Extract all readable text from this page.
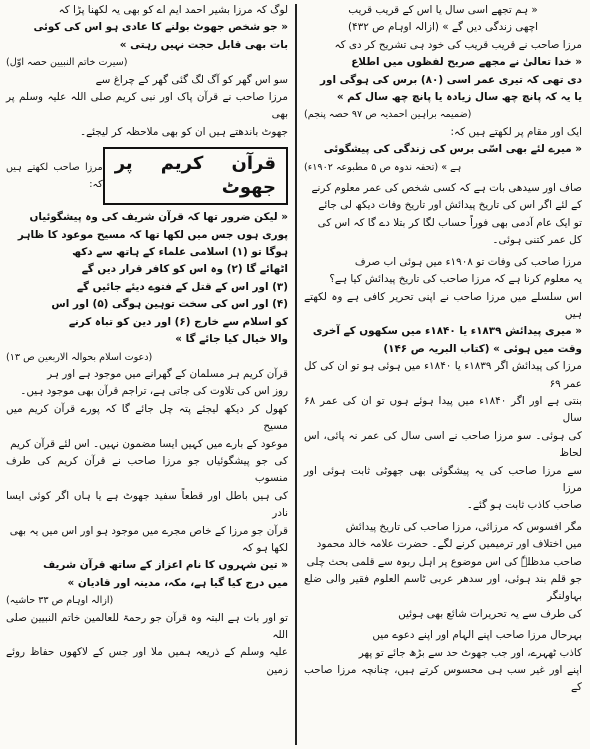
« ہم تجھے اسی سال یا اس کے قریب قریب

اچھی زندگی دیں گے » (ازالہ اوہام ص ۴۳۲)

مرزا صاحب نے قریب قریب کی خود ہی تشریح کر دی کہ

« خدا تعالیٰ نے مجھے صریح لفظوں میں اطلاع

دی تھی کہ تیری عمر اسی (۸۰) برس کی ہوگی اور

یا یہ کہ پانچ چھ سال زیادہ یا پانچ چھ سال کم »

(ضمیمہ براہین احمدیہ ص ۹۷ حصہ پنجم)

ایک اور مقام پر لکھتے ہیں کہ:

« میرے لئے بھی اسّی برس کی زندگی کی پیشگوئی

ہے » (تحفہ ندوہ ص ۵ مطبوعہ ۱۹۰۲ء)

صاف اور سیدھی بات ہے کہ کسی شخص کی عمر معلوم کرنے

کے لئے اگر اس کی تاریخ پیدائش اور تاریخ وفات دیکھ لی جائے

تو ایک عام آدمی بھی فوراً حساب لگا کر بتلا دے گا کہ اس کی

کل عمر کتنی ہوئی۔

مرزا صاحب کی وفات تو ۱۹۰۸ء میں ہوئی اب صرف

یہ معلوم کرنا ہے کہ مرزا صاحب کی تاریخ پیدائش کیا ہے؟

اس سلسلے میں مرزا صاحب نے اپنی تحریر کافی ہے وہ لکھتے ہیں

« میری پیدائش ۱۸۳۹ء یا ۱۸۴۰ء میں سکھوں کے آخری

وقت میں ہوئی » (کتاب البریہ ص ۱۴۶)

مرزا کی پیدائش اگر ۱۸۳۹ء یا ۱۸۴۰ء میں ہوئی ہو تو ان کی کل عمر ۶۹

بنتی ہے اور اگر ۱۸۴۰ء میں پیدا ہوئے ہوں تو ان کی عمر ۶۸ سال

کی ہوئی۔ سو مرزا صاحب نے اسی سال کی عمر نہ پائی، اس لحاظ

سے مرزا صاحب کی یہ پیشگوئی بھی جھوٹی ثابت ہوئی اور مرزا

صاحب کاذب ثابت ہو گئے۔

مگر افسوس کہ مرزائی، مرزا صاحب کی تاریخ پیدائش

میں اختلاف اور ترمیمیں کرنے لگے۔ حضرت علامہ خالد محمود

صاحب مدظلہٗ کی اس موضوع پر اہل ربوہ سے قلمی بحث چلی

جو قلم بند ہوئی، اور سدھر عربی ٹاسم العلوم فقیر والی ضلع بہاولنگر

کی طرف سے یہ تحریرات شائع بھی ہوئیں

بہرحال مرزا صاحب اپنے الہام اور اپنے دعوے میں

کاذب ٹھہرے، اور جب جھوٹ حد سے بڑھ جائے تو پھر

اپنے اور غیر سب ہی محسوس کرتے ہیں، چنانچہ مرزا صاحب کے

لوگ کہ مرزا بشیر احمد ایم اے کو بھی یہ لکھنا پڑا کہ

« جو شخص جھوٹ بولنے کا عادی ہو اس کی کوئی

بات بھی قابل حجت نہیں رہتی »

(سیرت خاتم النبیین حصہ اوّل)

سو اس گھر کو آگ لگ گئی گھر کے چراغ سے

مرزا صاحب نے قرآن پاک اور نبی کریم صلی اللہ علیہ وسلم پر بھی

جھوٹ باندھتے ہیں ان کو بھی ملاحظہ کر لیجئے۔

قرآن کریم پر جھوٹ
مرزا صاحب لکھتے ہیں کہ:

« لیکن ضرور تھا کہ قرآن شریف کی وہ پیشگوئیاں

پوری ہوں جس میں لکھا تھا کہ مسیح موعود کا ظاہر

ہوگا تو (۱) اسلامی علماء کے ہاتھ سے دکھ

اٹھائے گا (۲) وہ اس کو کافر قرار دیں گے

(۳) اور اس کے قتل کے فتوے دیئے جائیں گے

(۴) اور اس کی سخت توہین ہوگی (۵) اور اس

کو اسلام سے خارج (۶) اور دین کو تباہ کرنے

والا خیال کیا جائے گا »

(دعوت اسلام بحوالہ الاربعین ص ۱۳)

قرآن کریم ہر مسلمان کے گھرانے میں موجود ہے اور ہر

روز اس کی تلاوت کی جاتی ہے، تراجم قرآن بھی موجود ہیں۔

کھول کر دیکھ لیجئے پتہ چل جائے گا کہ پورے قرآن کریم میں مسیح

موعود کے بارے میں کہیں ایسا مضمون نہیں۔ اس لئے قرآن کریم

کی جو پیشگوئیاں جو مرزا صاحب نے قرآن کریم کی طرف منسوب

کی ہیں باطل اور قطعاً سفید جھوٹ ہے یا ہاں اگر کوئی ایسا نادر

قرآن جو مرزا کے خاص مجرے میں موجود ہو اور اس میں یہ بھی

لکھا ہو کہ

« تین شہروں کا نام اعزاز کے ساتھ قرآن شریف

میں درج کیا گیا ہے، مکہ، مدینہ اور قادیان »

(ازالہ اوہام ص ۳۳ حاشیہ)

تو اور بات ہے البتہ وہ قرآن جو رحمۃ للعالمین خاتم النبیین صلی اللہ

علیہ وسلم کے ذریعہ ہمیں ملا اور جس کے لاکھوں حفاظ روئے زمین
